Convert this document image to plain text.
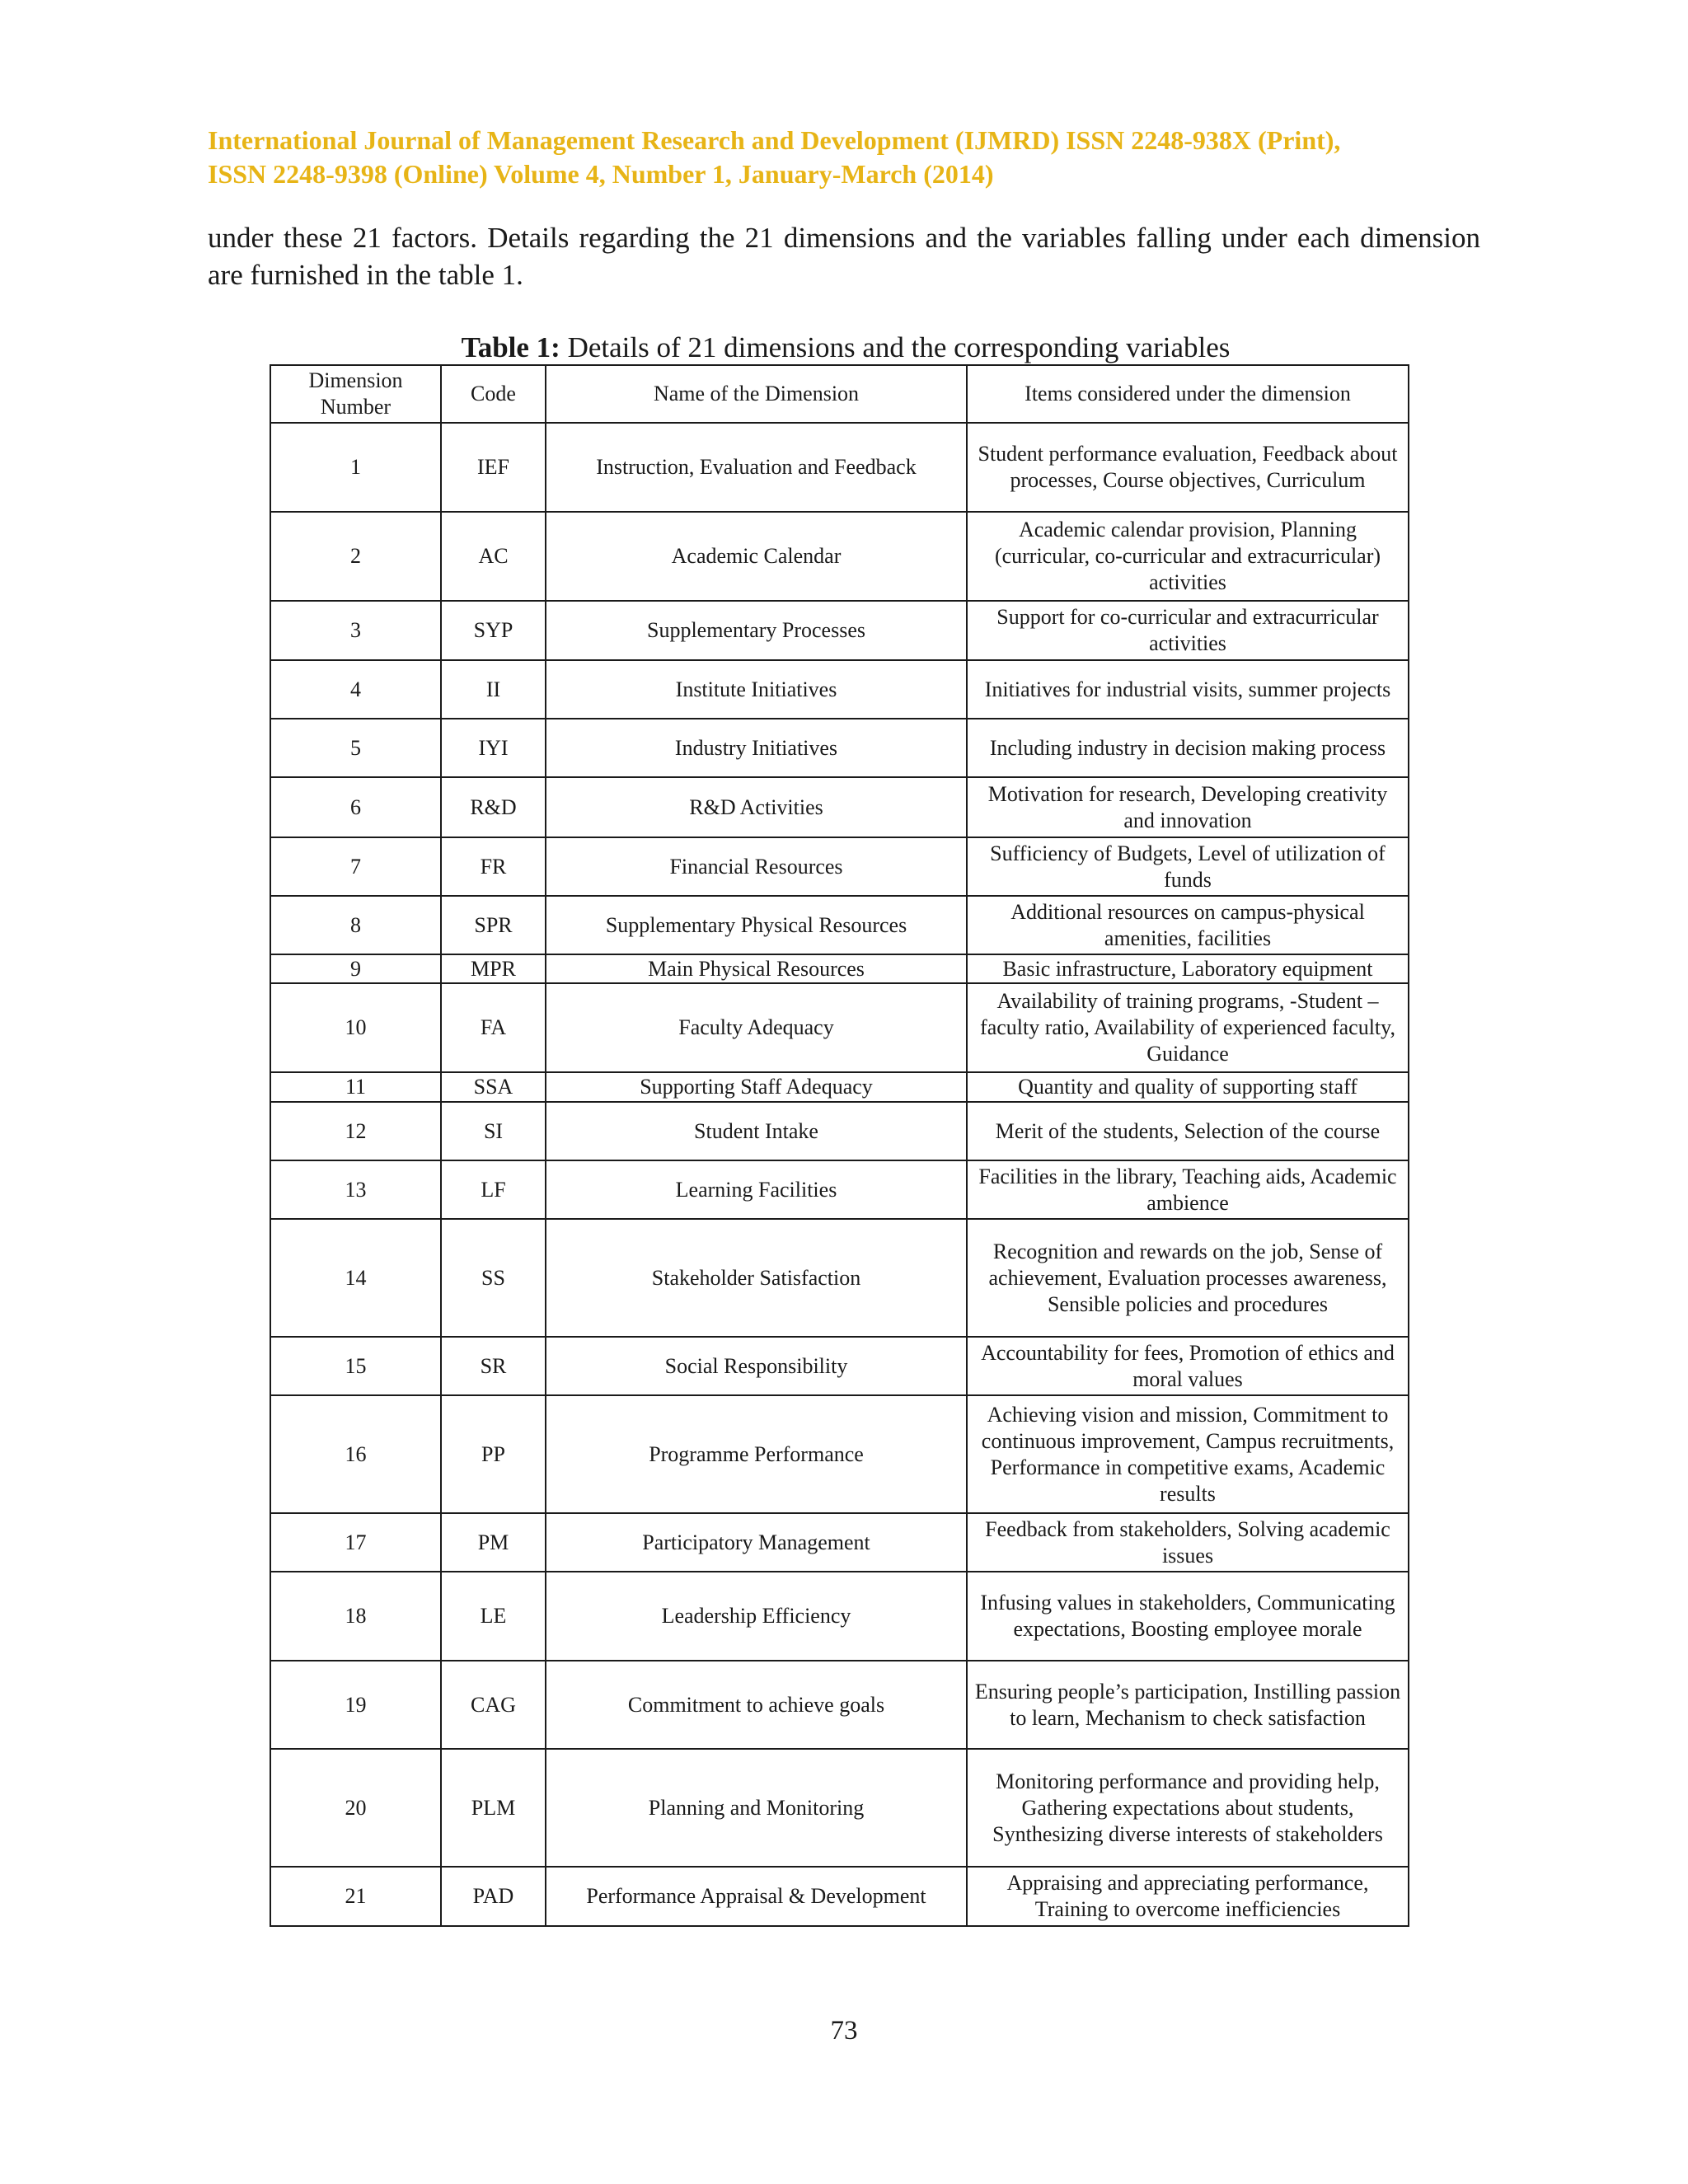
International Journal of Management Research and Development (IJMRD) ISSN 2248-938X (Print),
ISSN 2248-9398 (Online) Volume 4, Number 1, January-March (2014)
under these 21 factors. Details regarding the 21 dimensions and the variables falling under each dimension are furnished in the table 1.
Table 1: Details of 21 dimensions and the corresponding variables
Dimension Number	Code	Name of the Dimension	Items considered under the dimension
1	IEF	Instruction, Evaluation and Feedback	Student performance evaluation, Feedback about processes, Course objectives, Curriculum
2	AC	Academic Calendar	Academic calendar provision, Planning (curricular, co-curricular and extracurricular) activities
3	SYP	Supplementary Processes	Support for co-curricular and extracurricular activities
4	II	Institute Initiatives	Initiatives for industrial visits, summer projects
5	IYI	Industry Initiatives	Including industry in decision making process
6	R&D	R&D Activities	Motivation for research, Developing creativity and innovation
7	FR	Financial Resources	Sufficiency of Budgets, Level of utilization of funds
8	SPR	Supplementary Physical Resources	Additional resources on campus-physical amenities, facilities
9	MPR	Main Physical Resources	Basic infrastructure, Laboratory equipment
10	FA	Faculty Adequacy	Availability of training programs, -Student – faculty ratio, Availability of experienced faculty, Guidance
11	SSA	Supporting Staff Adequacy	Quantity and quality of supporting staff
12	SI	Student Intake	Merit of the students, Selection of the course
13	LF	Learning Facilities	Facilities in the library, Teaching aids, Academic ambience
14	SS	Stakeholder Satisfaction	Recognition and rewards on the job, Sense of achievement, Evaluation processes awareness, Sensible policies and procedures
15	SR	Social Responsibility	Accountability for fees, Promotion of ethics and moral values
16	PP	Programme Performance	Achieving vision and mission, Commitment to continuous improvement, Campus recruitments, Performance in competitive exams, Academic results
17	PM	Participatory Management	Feedback from stakeholders, Solving academic issues
18	LE	Leadership Efficiency	Infusing values in stakeholders, Communicating expectations, Boosting employee morale
19	CAG	Commitment to achieve goals	Ensuring people’s participation, Instilling passion to learn, Mechanism to check satisfaction
20	PLM	Planning and Monitoring	Monitoring performance and providing help, Gathering expectations about students, Synthesizing diverse interests of stakeholders
21	PAD	Performance Appraisal & Development	Appraising and appreciating performance, Training to overcome inefficiencies
73
